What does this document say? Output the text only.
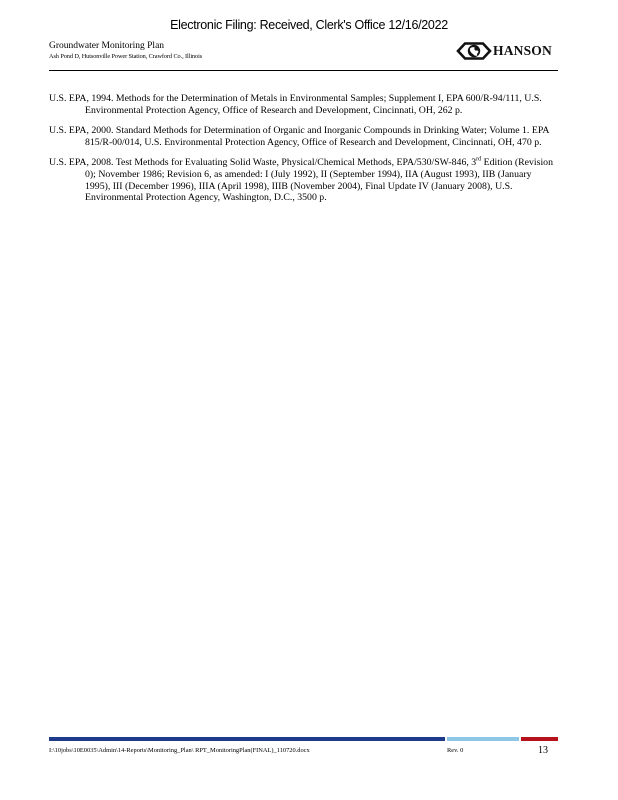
Electronic Filing: Received, Clerk's Office 12/16/2022
Groundwater Monitoring Plan
Ash Pond D, Hutsonville Power Station, Crawford Co., Illinois	HANSON

U.S. EPA, 1994. Methods for the Determination of Metals in Environmental Samples; Supplement I, EPA 600/R-94/111, U.S. Environmental Protection Agency, Office of Research and Development, Cincinnati, OH, 262 p.

U.S. EPA, 2000. Standard Methods for Determination of Organic and Inorganic Compounds in Drinking Water; Volume 1. EPA 815/R-00/014, U.S. Environmental Protection Agency, Office of Research and Development, Cincinnati, OH, 470 p.

U.S. EPA, 2008. Test Methods for Evaluating Solid Waste, Physical/Chemical Methods, EPA/530/SW-846, 3rd Edition (Revision 0); November 1986; Revision 6, as amended: I (July 1992), II (September 1994), IIA (August 1993), IIB (January 1995), III (December 1996), IIIA (April 1998), IIIB (November 2004), Final Update IV (January 2008), U.S. Environmental Protection Agency, Washington, D.C., 3500 p.

I:\10jobs\10E0035\Admin\14-Reports\Monitoring_Plan\ RPT_MonitoringPlan(FINAL)_110720.docx	Rev. 0	13
